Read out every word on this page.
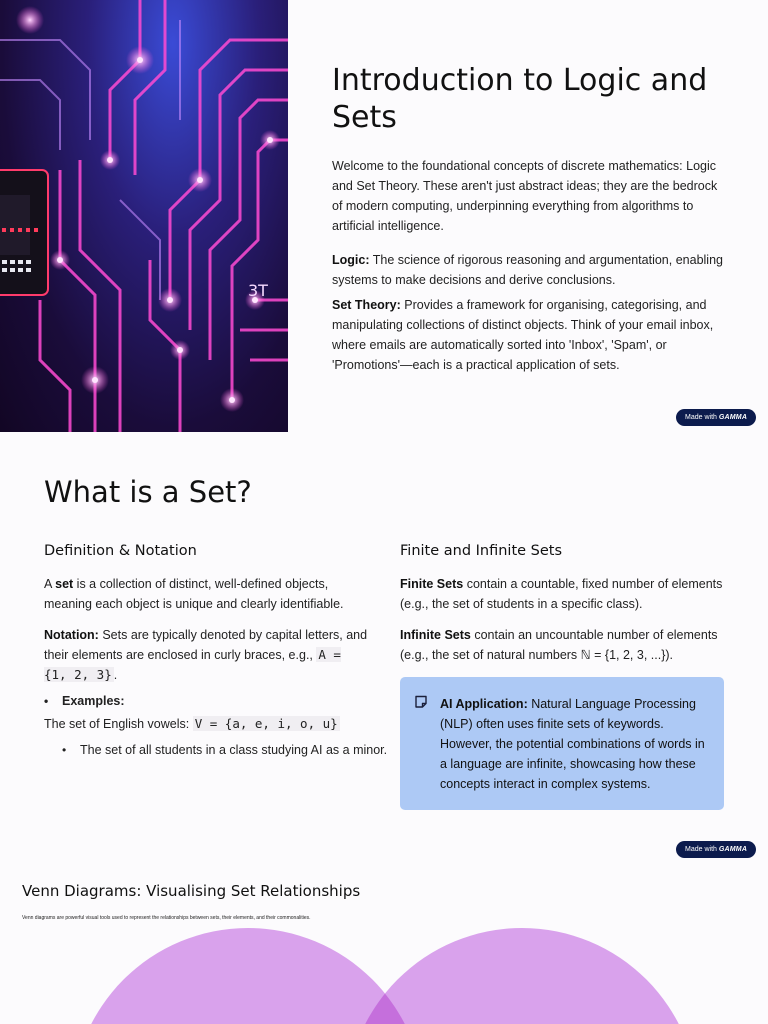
3T
Introduction to Logic and Sets

Welcome to the foundational concepts of discrete mathematics: Logic and Set Theory. These aren't just abstract ideas; they are the bedrock of modern computing, underpinning everything from algorithms to artificial intelligence.

Logic: The science of rigorous reasoning and argumentation, enabling systems to make decisions and derive conclusions.

Set Theory: Provides a framework for organising, categorising, and manipulating collections of distinct objects. Think of your email inbox, where emails are automatically sorted into 'Inbox', 'Spam', or 'Promotions'—each is a practical application of sets.

Made with GAMMA
What is a Set?
Definition & Notation	Finite and Infinite Sets

A set is a collection of distinct, well-defined objects, meaning each object is unique and clearly identifiable.

Notation: Sets are typically denoted by capital letters, and their elements are enclosed in curly braces, e.g., A = {1, 2, 3} .

• Examples:

The set of English vowels: V = {a, e, i, o, u}

• The set of all students in a class studying AI as a minor.

Finite Sets contain a countable, fixed number of elements (e.g., the set of students in a specific class).

Infinite Sets contain an uncountable number of elements (e.g., the set of natural numbers ℕ = {1, 2, 3, ...}).

AI Application: Natural Language Processing (NLP) often uses finite sets of keywords. However, the potential combinations of words in a language are infinite, showcasing how these concepts interact in complex systems.

Made with GAMMA
Venn Diagrams: Visualising Set Relationships

Venn diagrams are powerful visual tools used to represent the relationships between sets, their elements, and their commonalities.
